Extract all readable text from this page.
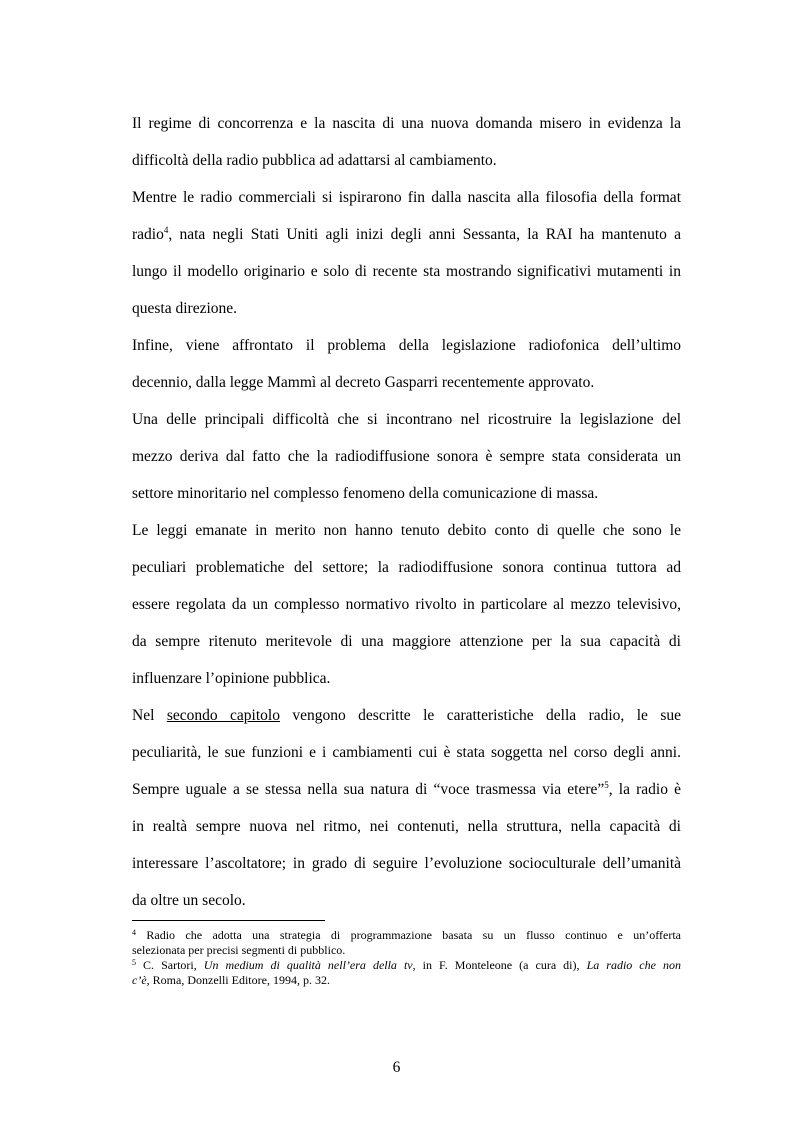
Il regime di concorrenza e la nascita di una nuova domanda misero in evidenza la
difficoltà della radio pubblica ad adattarsi al cambiamento.
Mentre le radio commerciali si ispirarono fin dalla nascita alla filosofia della format
radio$^4$, nata negli Stati Uniti agli inizi degli anni Sessanta, la RAI ha mantenuto a
lungo il modello originario e solo di recente sta mostrando significativi mutamenti in
questa direzione.
Infine, viene affrontato il problema della legislazione radiofonica dell’ultimo
decennio, dalla legge Mammì al decreto Gasparri recentemente approvato.
Una delle principali difficoltà che si incontrano nel ricostruire la legislazione del
mezzo deriva dal fatto che la radiodiffusione sonora è sempre stata considerata un
settore minoritario nel complesso fenomeno della comunicazione di massa.
Le leggi emanate in merito non hanno tenuto debito conto di quelle che sono le
peculiari problematiche del settore; la radiodiffusione sonora continua tuttora ad
essere regolata da un complesso normativo rivolto in particolare al mezzo televisivo,
da sempre ritenuto meritevole di una maggiore attenzione per la sua capacità di
influenzare l’opinione pubblica.
Nel secondo capitolo vengono descritte le caratteristiche della radio, le sue
peculiarità, le sue funzioni e i cambiamenti cui è stata soggetta nel corso degli anni.
Sempre uguale a se stessa nella sua natura di “voce trasmessa via etere”$^5$, la radio è
in realtà sempre nuova nel ritmo, nei contenuti, nella struttura, nella capacità di
interessare l’ascoltatore; in grado di seguire l’evoluzione socioculturale dell’umanità
da oltre un secolo.
$^4$ Radio che adotta una strategia di programmazione basata su un flusso continuo e un’offerta
selezionata per precisi segmenti di pubblico.
$^5$ C. Sartori, Un medium di qualità nell’era della tv, in F. Monteleone (a cura di), La radio che non
c’è, Roma, Donzelli Editore, 1994, p. 32.
6
